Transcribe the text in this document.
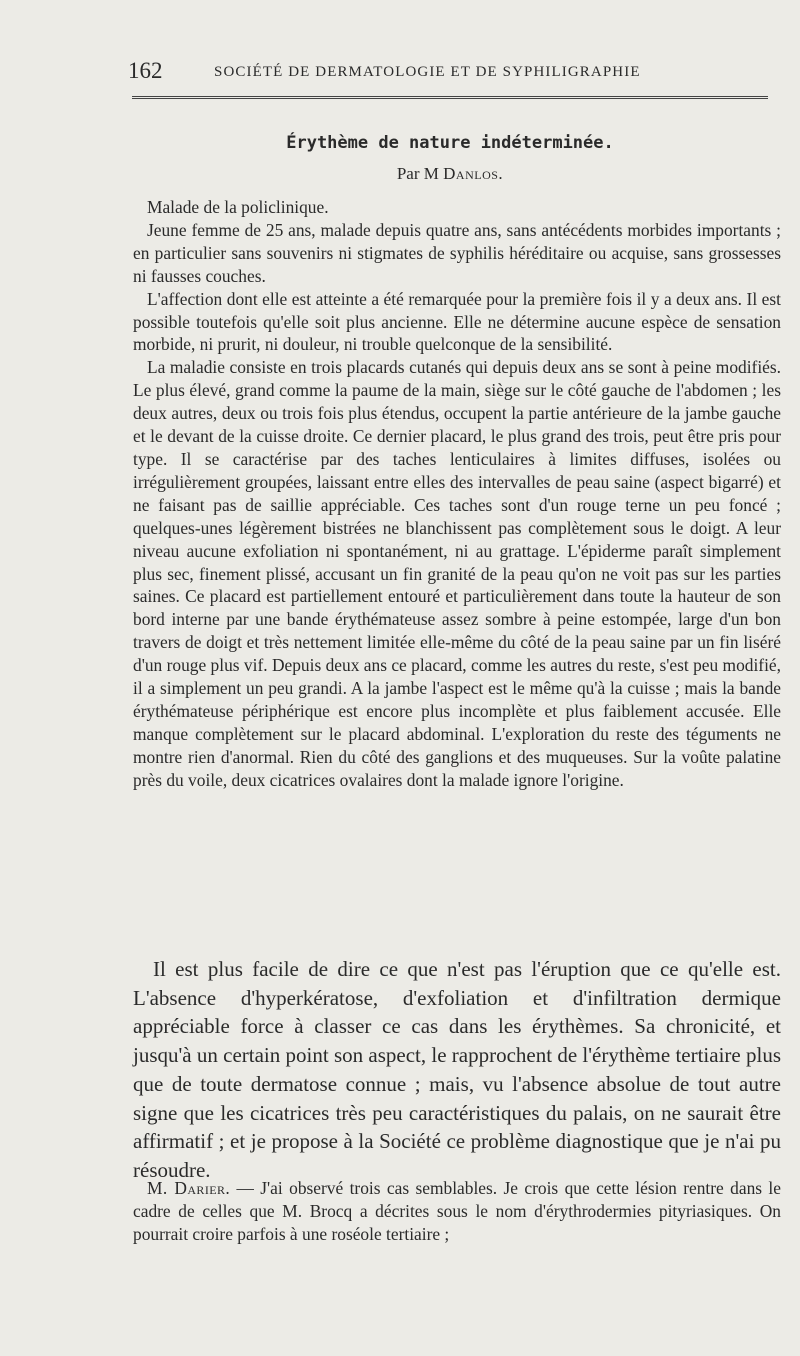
162	SOCIÉTÉ DE DERMATOLOGIE ET DE SYPHILIGRAPHIE
Érythème de nature indéterminée.
Par M Danlos.

Malade de la policlinique.

Jeune femme de 25 ans, malade depuis quatre ans, sans antécédents morbides importants ; en particulier sans souvenirs ni stigmates de syphilis héréditaire ou acquise, sans grossesses ni fausses couches.

L'affection dont elle est atteinte a été remarquée pour la première fois il y a deux ans. Il est possible toutefois qu'elle soit plus ancienne. Elle ne détermine aucune espèce de sensation morbide, ni prurit, ni douleur, ni trouble quelconque de la sensibilité.

La maladie consiste en trois placards cutanés qui depuis deux ans se sont à peine modifiés. Le plus élevé, grand comme la paume de la main, siège sur le côté gauche de l'abdomen ; les deux autres, deux ou trois fois plus étendus, occupent la partie antérieure de la jambe gauche et le devant de la cuisse droite. Ce dernier placard, le plus grand des trois, peut être pris pour type. Il se caractérise par des taches lenticulaires à limites diffuses, isolées ou irrégulièrement groupées, laissant entre elles des intervalles de peau saine (aspect bigarré) et ne faisant pas de saillie appréciable. Ces taches sont d'un rouge terne un peu foncé ; quelques-unes légèrement bistrées ne blanchissent pas complètement sous le doigt. A leur niveau aucune exfoliation ni spontanément, ni au grattage. L'épiderme paraît simplement plus sec, finement plissé, accusant un fin granité de la peau qu'on ne voit pas sur les parties saines. Ce placard est partiellement entouré et particulièrement dans toute la hauteur de son bord interne par une bande érythémateuse assez sombre à peine estompée, large d'un bon travers de doigt et très nettement limitée elle-même du côté de la peau saine par un fin liséré d'un rouge plus vif. Depuis deux ans ce placard, comme les autres du reste, s'est peu modifié, il a simplement un peu grandi. A la jambe l'aspect est le même qu'à la cuisse ; mais la bande érythémateuse périphérique est encore plus incomplète et plus faiblement accusée. Elle manque complètement sur le placard abdominal. L'exploration du reste des téguments ne montre rien d'anormal. Rien du côté des ganglions et des muqueuses. Sur la voûte palatine près du voile, deux cicatrices ovalaires dont la malade ignore l'origine.

Il est plus facile de dire ce que n'est pas l'éruption que ce qu'elle est. L'absence d'hyperkératose, d'exfoliation et d'infiltration dermique appréciable force à classer ce cas dans les érythèmes. Sa chronicité, et jusqu'à un certain point son aspect, le rapprochent de l'érythème tertiaire plus que de toute dermatose connue ; mais, vu l'absence absolue de tout autre signe que les cicatrices très peu caractéristiques du palais, on ne saurait être affirmatif ; et je propose à la Société ce problème diagnostique que je n'ai pu résoudre.

M. Darier. — J'ai observé trois cas semblables. Je crois que cette lésion rentre dans le cadre de celles que M. Brocq a décrites sous le nom d'érythrodermies pityriasiques. On pourrait croire parfois à une roséole tertiaire ;
